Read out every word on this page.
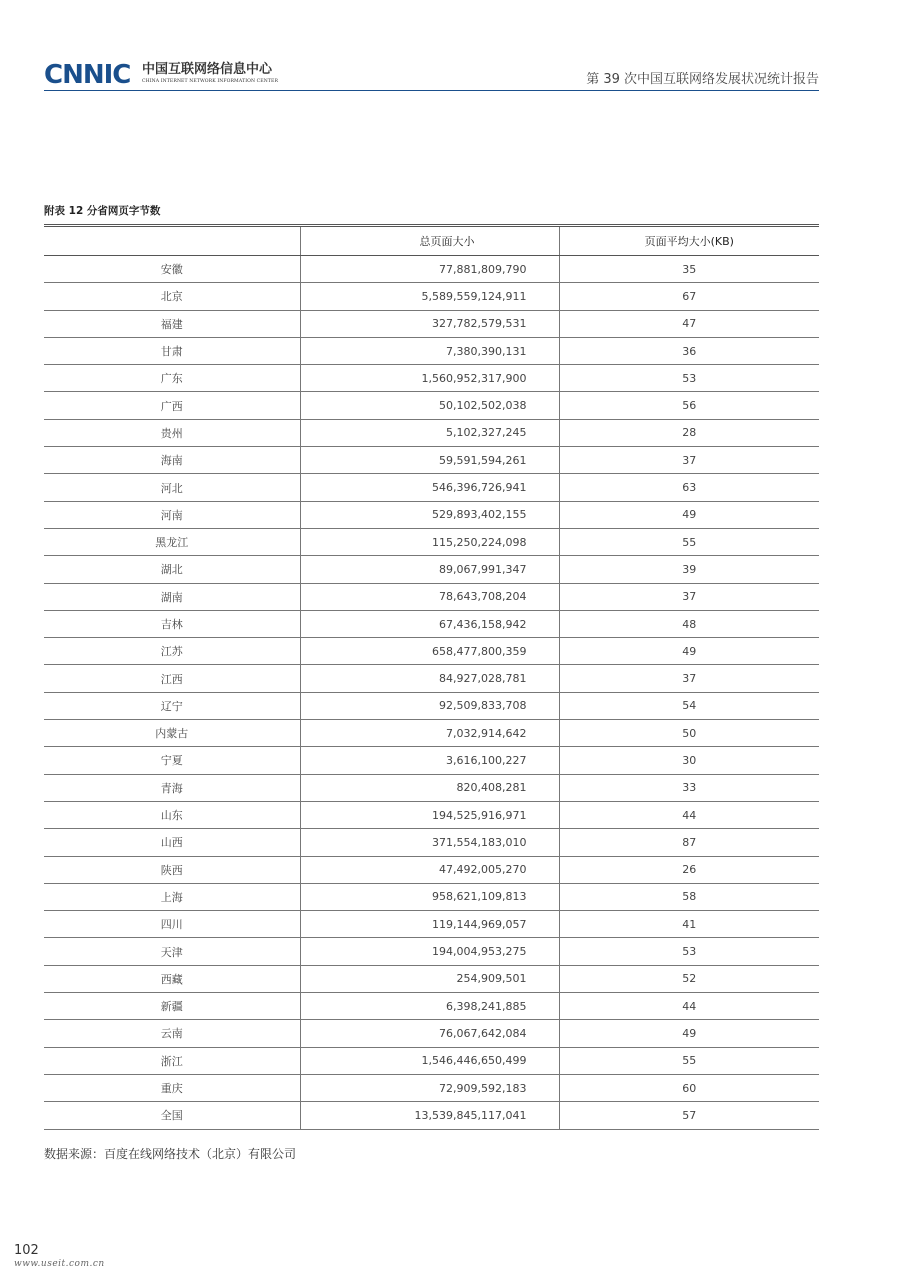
CNNIC 中国互联网络信息中心
CHINA INTERNET NETWORK INFORMATION CENTER	第 39 次中国互联网络发展状况统计报告
附表 12 分省网页字节数
	总页面大小	页面平均大小(KB)
安徽	77,881,809,790	35
北京	5,589,559,124,911	67
福建	327,782,579,531	47
甘肃	7,380,390,131	36
广东	1,560,952,317,900	53
广西	50,102,502,038	56
贵州	5,102,327,245	28
海南	59,591,594,261	37
河北	546,396,726,941	63
河南	529,893,402,155	49
黑龙江	115,250,224,098	55
湖北	89,067,991,347	39
湖南	78,643,708,204	37
吉林	67,436,158,942	48
江苏	658,477,800,359	49
江西	84,927,028,781	37
辽宁	92,509,833,708	54
内蒙古	7,032,914,642	50
宁夏	3,616,100,227	30
青海	820,408,281	33
山东	194,525,916,971	44
山西	371,554,183,010	87
陕西	47,492,005,270	26
上海	958,621,109,813	58
四川	119,144,969,057	41
天津	194,004,953,275	53
西藏	254,909,501	52
新疆	6,398,241,885	44
云南	76,067,642,084	49
浙江	1,546,446,650,499	55
重庆	72,909,592,183	60
全国	13,539,845,117,041	57
数据来源：百度在线网络技术（北京）有限公司
102
www.useit.com.cn
